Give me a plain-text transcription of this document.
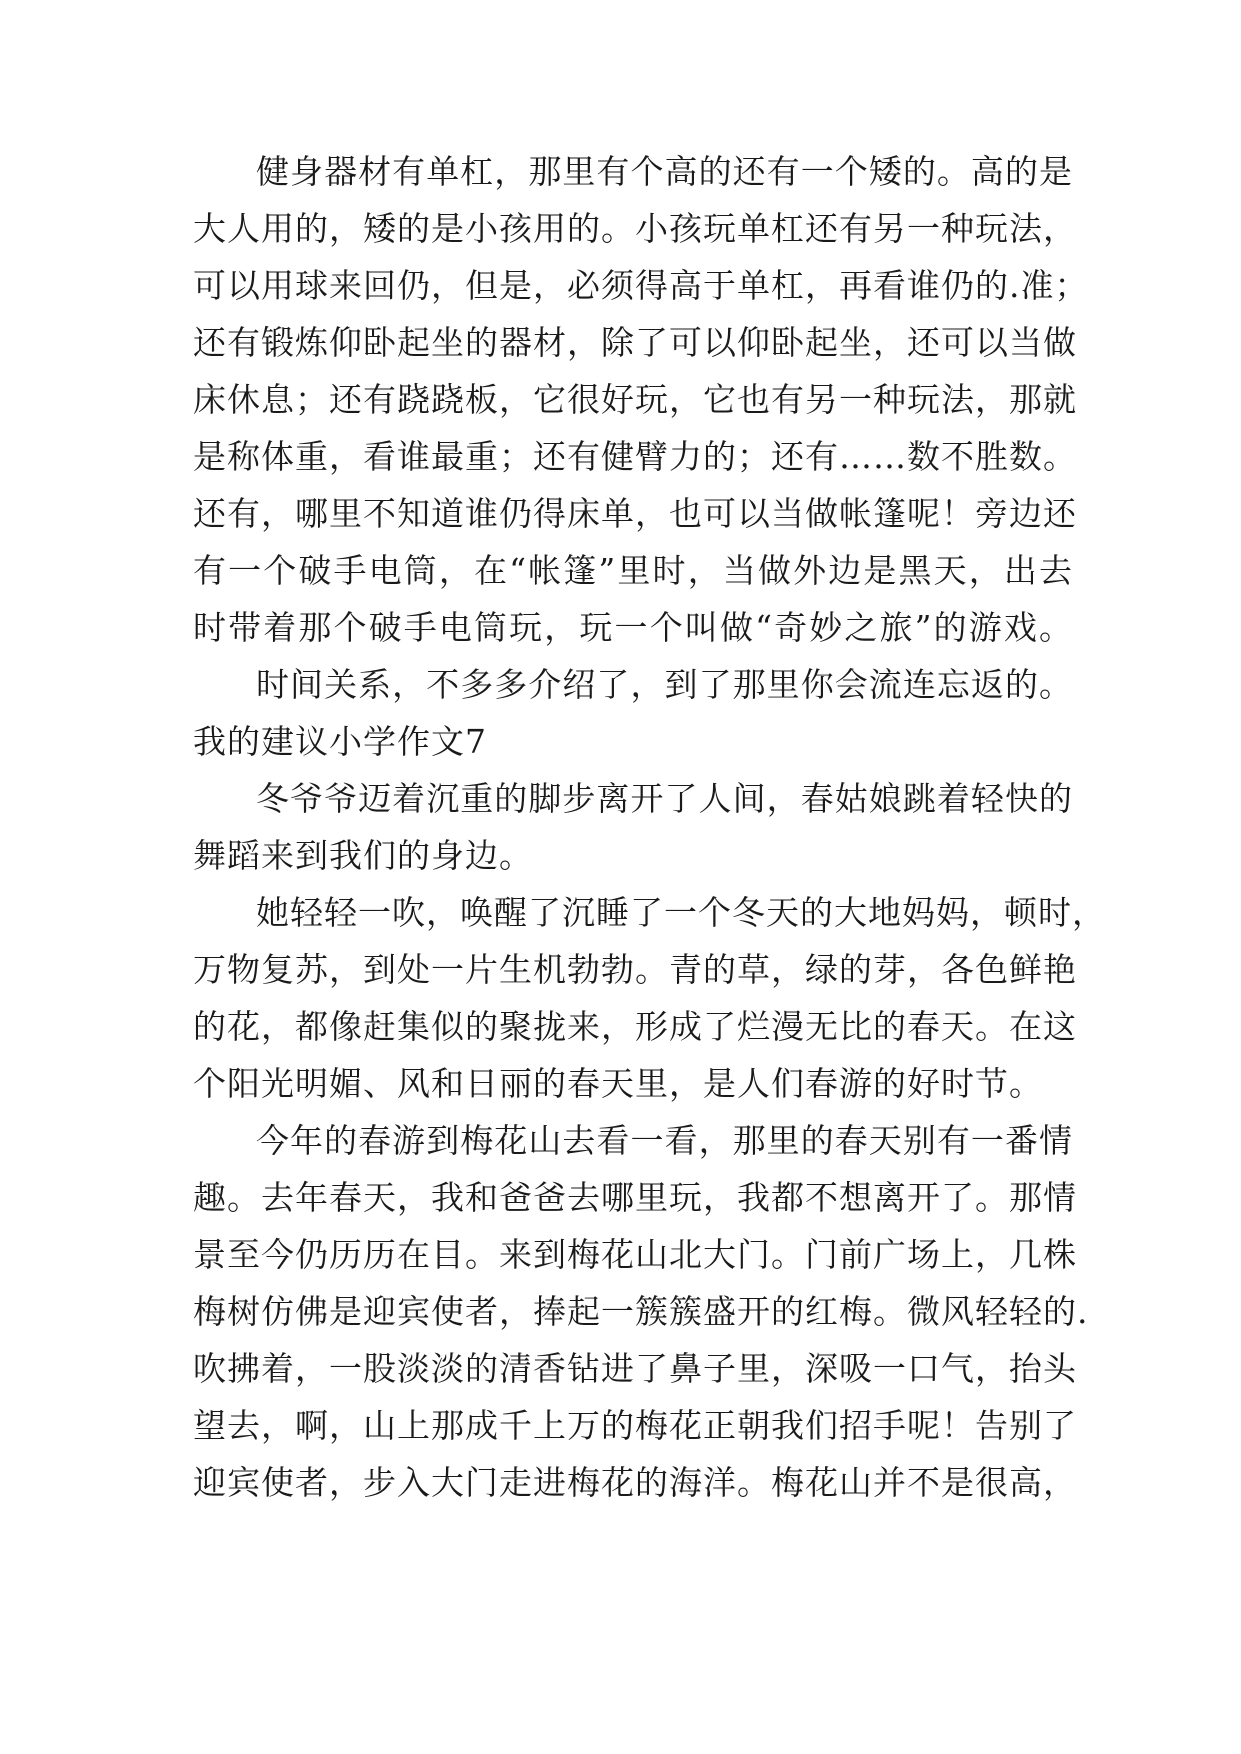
健身器材有单杠，那里有个高的还有一个矮的。高的是
大人用的，矮的是小孩用的。小孩玩单杠还有另一种玩法，
可以用球来回仍，但是，必须得高于单杠，再看谁仍的.准；
还有锻炼仰卧起坐的器材，除了可以仰卧起坐，还可以当做
床休息；还有跷跷板，它很好玩，它也有另一种玩法，那就
是称体重，看谁最重；还有健臂力的；还有……数不胜数。
还有，哪里不知道谁仍得床单，也可以当做帐篷呢！旁边还
有一个破手电筒，在“帐篷”里时，当做外边是黑天，出去
时带着那个破手电筒玩，玩一个叫做“奇妙之旅”的游戏。
时间关系，不多多介绍了，到了那里你会流连忘返的。
我的建议小学作文7
冬爷爷迈着沉重的脚步离开了人间，春姑娘跳着轻快的
舞蹈来到我们的身边。
她轻轻一吹，唤醒了沉睡了一个冬天的大地妈妈，顿时，
万物复苏，到处一片生机勃勃。青的草，绿的芽，各色鲜艳
的花，都像赶集似的聚拢来，形成了烂漫无比的春天。在这
个阳光明媚、风和日丽的春天里，是人们春游的好时节。
今年的春游到梅花山去看一看，那里的春天别有一番情
趣。去年春天，我和爸爸去哪里玩，我都不想离开了。那情
景至今仍历历在目。来到梅花山北大门。门前广场上，几株
梅树仿佛是迎宾使者，捧起一簇簇盛开的红梅。微风轻轻的.
吹拂着，一股淡淡的清香钻进了鼻子里，深吸一口气，抬头
望去，啊，山上那成千上万的梅花正朝我们招手呢！告别了
迎宾使者，步入大门走进梅花的海洋。梅花山并不是很高，
